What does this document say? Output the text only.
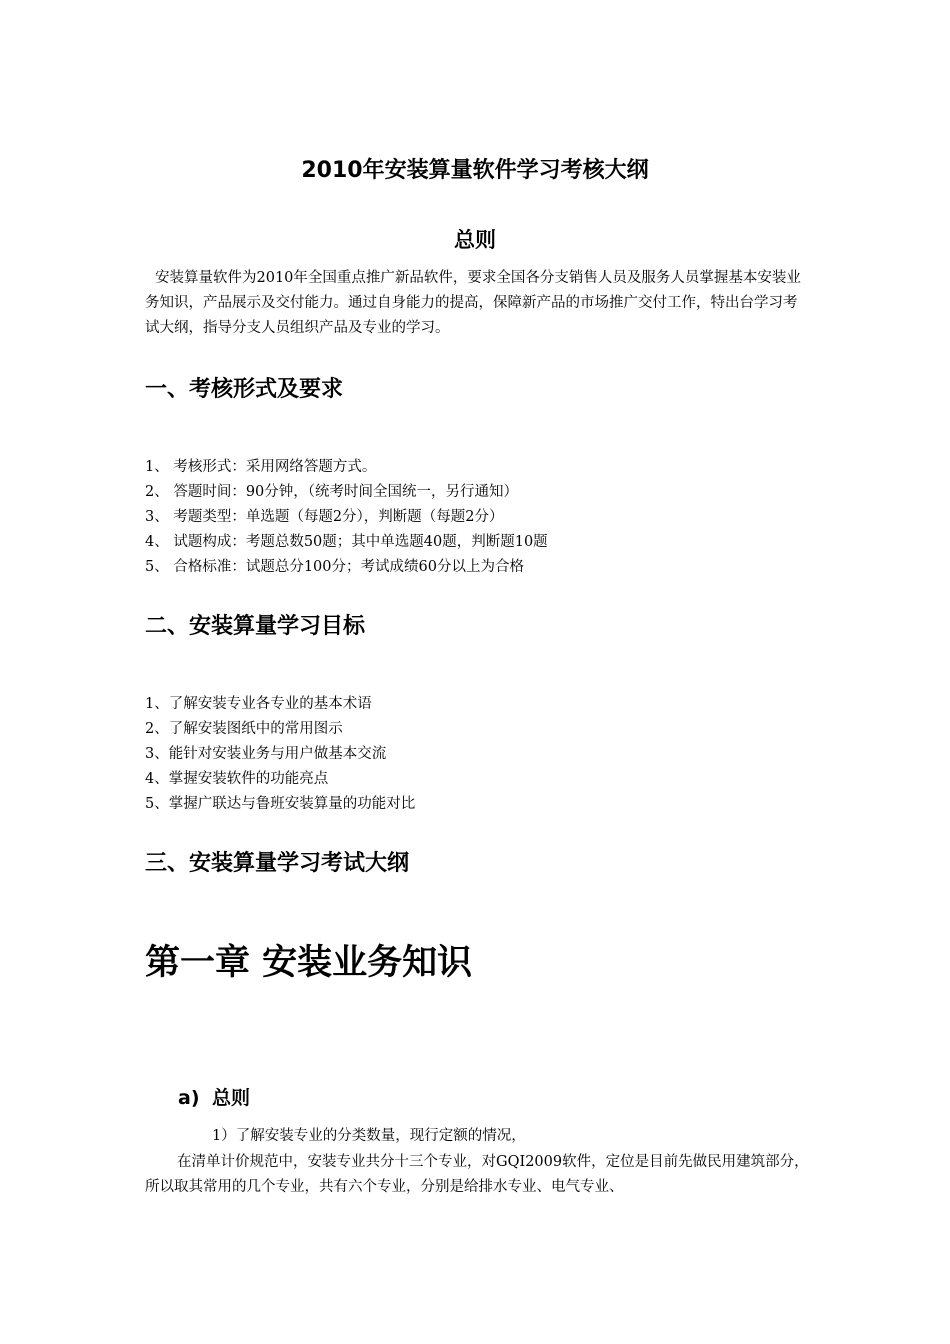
2010年安装算量软件学习考核大纲
总则
安装算量软件为2010年全国重点推广新品软件，要求全国各分支销售人员及服务人员掌握基本安装业务知识，产品展示及交付能力。通过自身能力的提高，保障新产品的市场推广交付工作，特出台学习考试大纲，指导分支人员组织产品及专业的学习。
一、考核形式及要求
1、 考核形式：采用网络答题方式。
2、 答题时间：90分钟，（统考时间全国统一，另行通知）
3、 考题类型：单选题（每题2分），判断题（每题2分）
4、 试题构成：考题总数50题；其中单选题40题，判断题10题
5、 合格标准：试题总分100分；考试成绩60分以上为合格
二、安装算量学习目标
1、了解安装专业各专业的基本术语
2、了解安装图纸中的常用图示
3、能针对安装业务与用户做基本交流
4、掌握安装软件的功能亮点
5、掌握广联达与鲁班安装算量的功能对比
三、安装算量学习考试大纲
第一章 安装业务知识
a) 总则
1）了解安装专业的分类数量，现行定额的情况，
在清单计价规范中，安装专业共分十三个专业，对GQI2009软件，定位是目前先做民用建筑部分，所以取其常用的几个专业，共有六个专业，分别是给排水专业、电气专业、
